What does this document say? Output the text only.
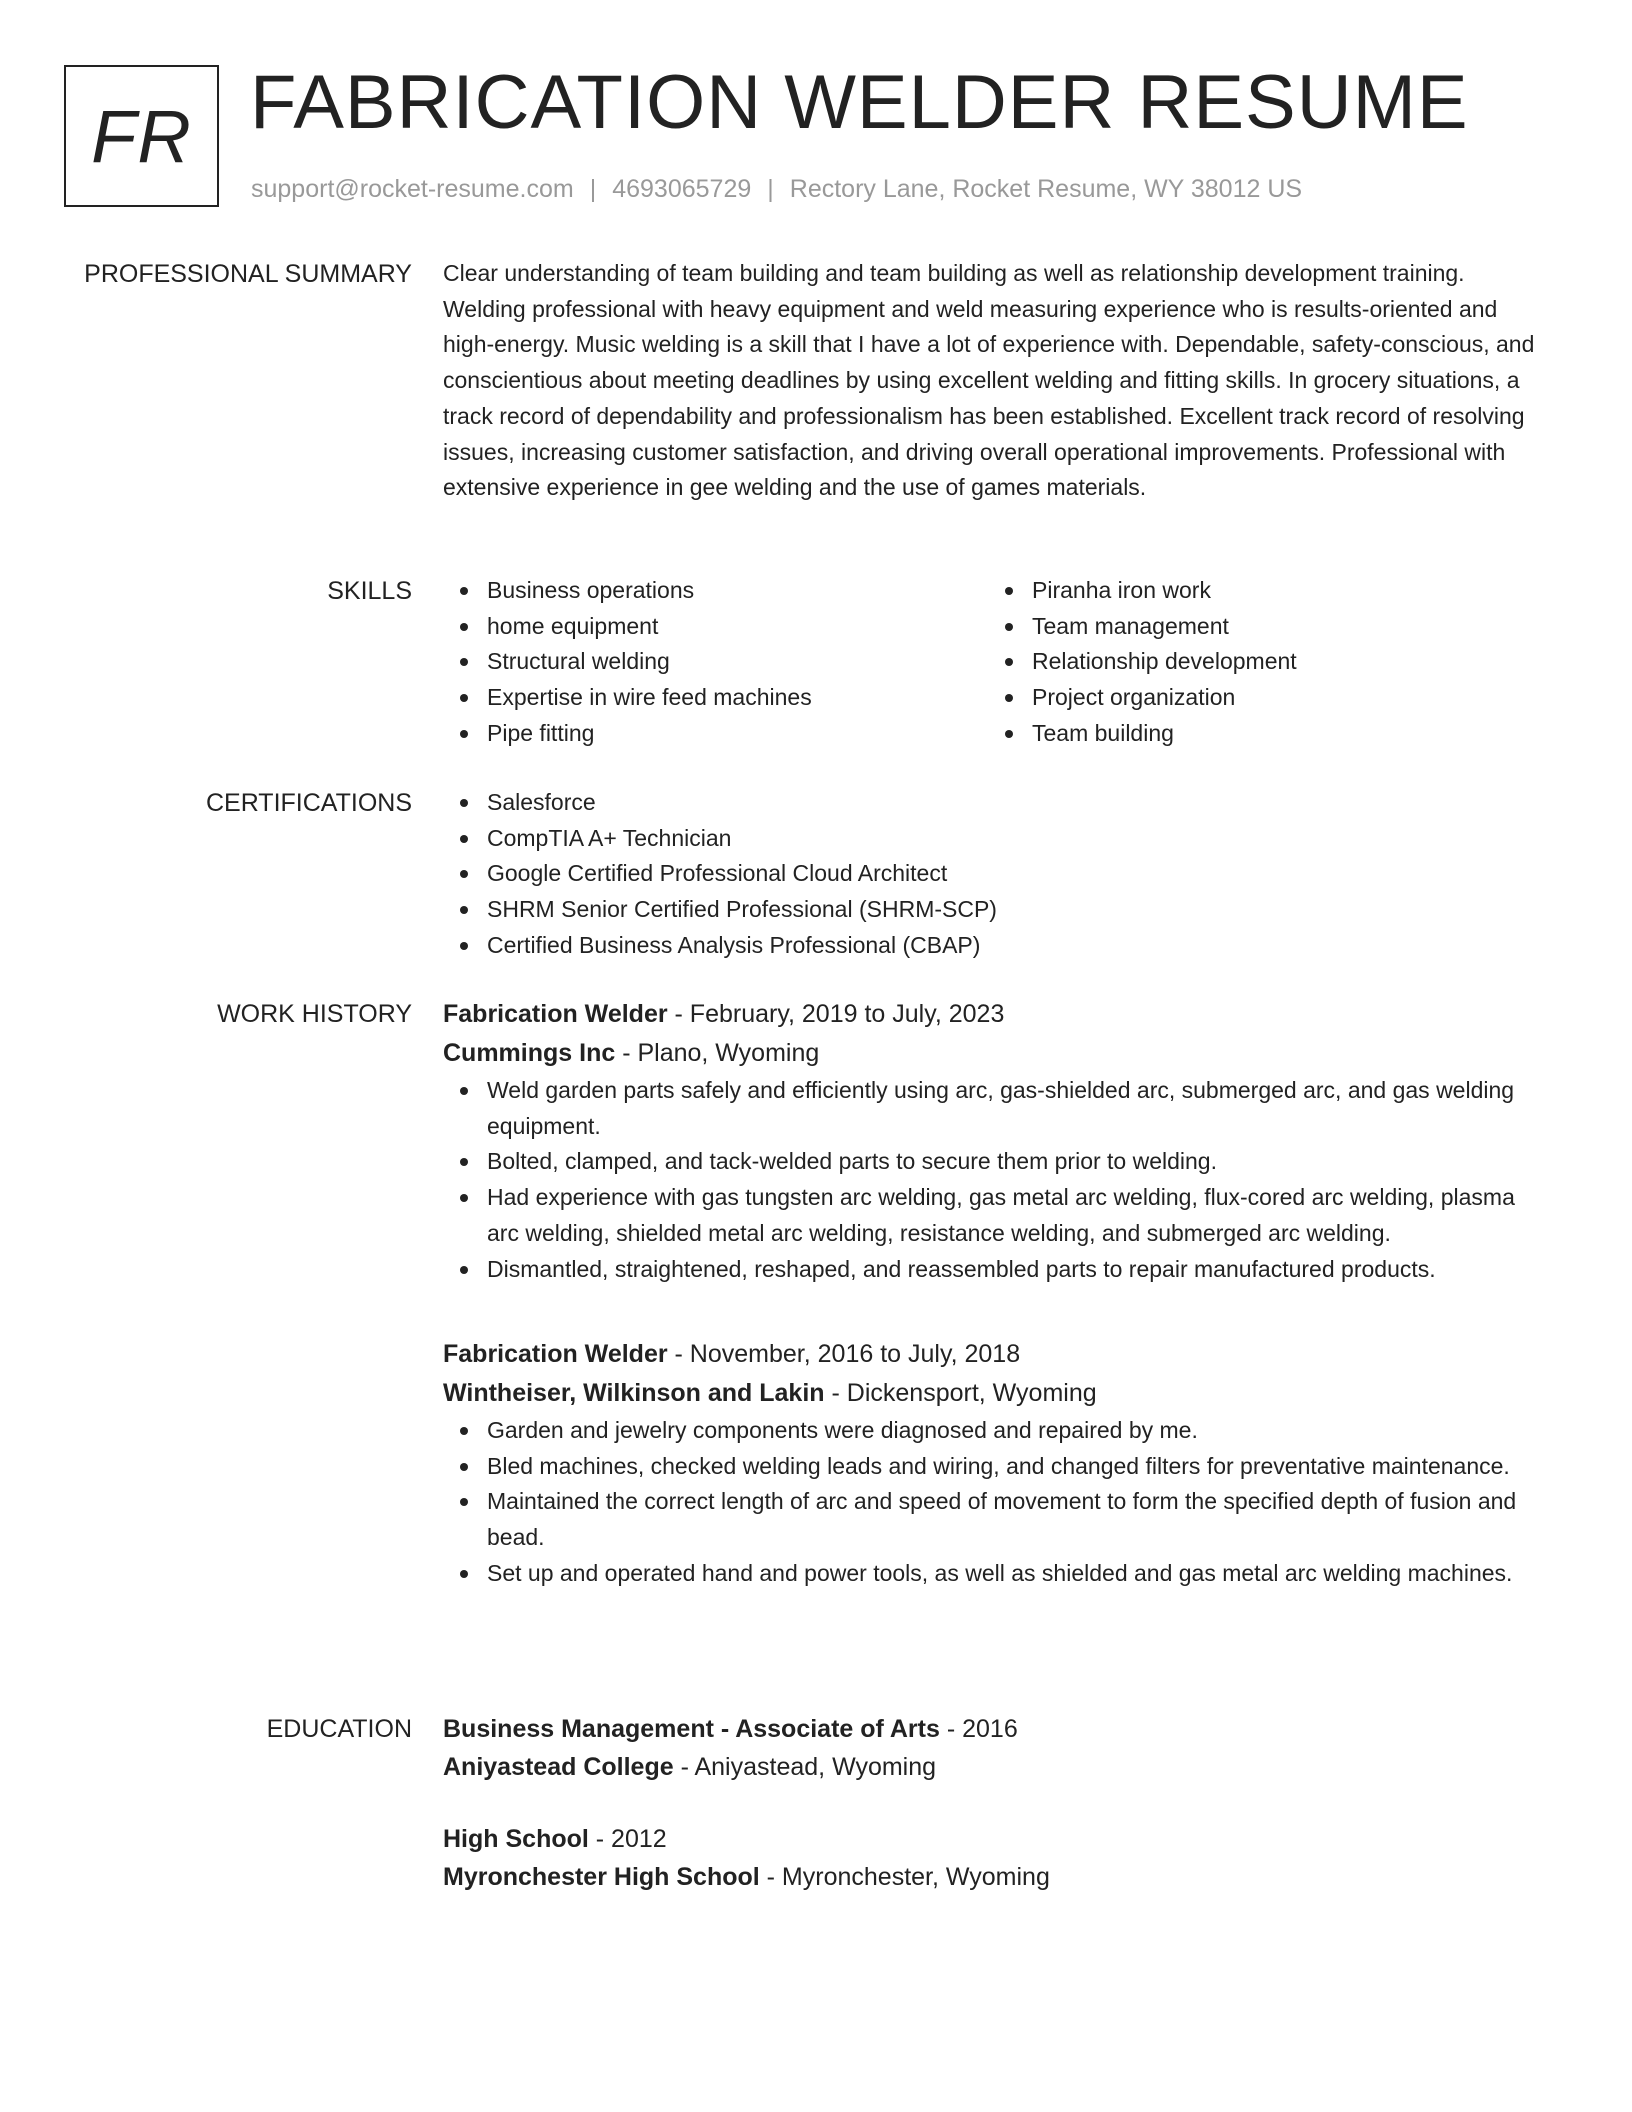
FR FABRICATION WELDER RESUME
support@rocket-resume.com | 4693065729 | Rectory Lane, Rocket Resume, WY 38012 US
PROFESSIONAL SUMMARY Clear understanding of team building and team building as well as relationship development training. Welding professional with heavy equipment and weld measuring experience who is results-oriented and high-energy. Music welding is a skill that I have a lot of experience with. Dependable, safety-conscious, and conscientious about meeting deadlines by using excellent welding and fitting skills. In grocery situations, a track record of dependability and professionalism has been established. Excellent track record of resolving issues, increasing customer satisfaction, and driving overall operational improvements. Professional with extensive experience in gee welding and the use of games materials.

SKILLS	Business operations
home equipment
Structural welding
Expertise in wire feed machines
Pipe fitting
Piranha iron work
Team management
Relationship development
Project organization
Team building
CERTIFICATIONS	Salesforce
CompTIA A+ Technician
Google Certified Professional Cloud Architect
SHRM Senior Certified Professional (SHRM-SCP)
Certified Business Analysis Professional (CBAP)
WORK HISTORY Fabrication Welder - February, 2019 to July, 2023
Cummings Inc - Plano, Wyoming
Weld garden parts safely and efficiently using arc, gas-shielded arc, submerged arc, and gas welding equipment.
Bolted, clamped, and tack-welded parts to secure them prior to welding.
Had experience with gas tungsten arc welding, gas metal arc welding, flux-cored arc welding, plasma arc welding, shielded metal arc welding, resistance welding, and submerged arc welding.
Dismantled, straightened, reshaped, and reassembled parts to repair manufactured products.
Fabrication Welder - November, 2016 to July, 2018
Wintheiser, Wilkinson and Lakin - Dickensport, Wyoming
Garden and jewelry components were diagnosed and repaired by me.
Bled machines, checked welding leads and wiring, and changed filters for preventative maintenance.
Maintained the correct length of arc and speed of movement to form the specified depth of fusion and bead.
Set up and operated hand and power tools, as well as shielded and gas metal arc welding machines.
EDUCATION Business Management - Associate of Arts - 2016
Aniyastead College - Aniyastead, Wyoming
High School - 2012
Myronchester High School - Myronchester, Wyoming
